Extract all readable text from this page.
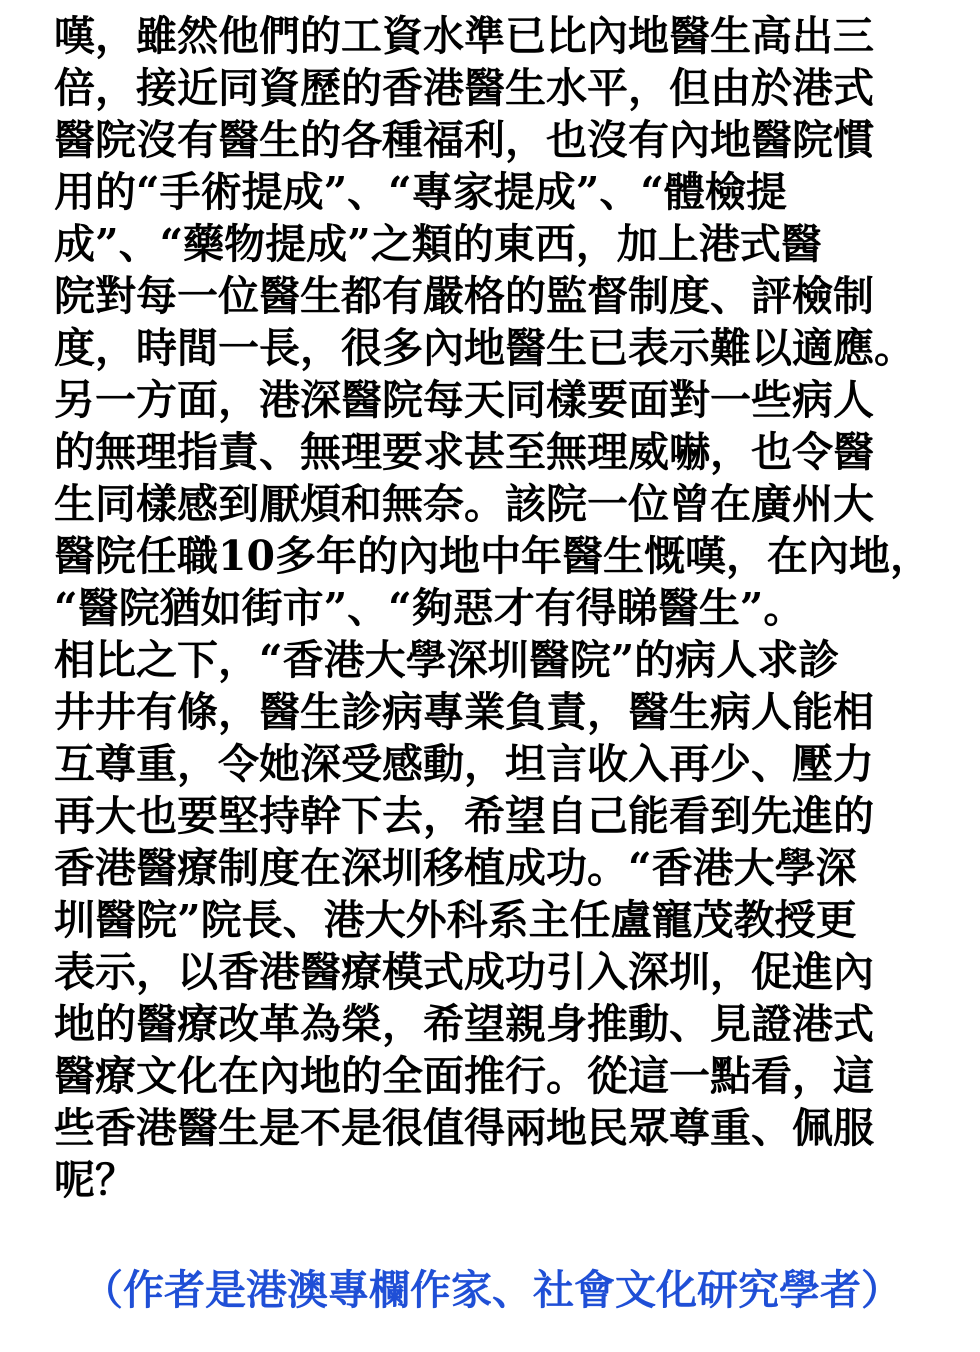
嘆，雖然他們的工資水準已比內地醫生高出三
倍，接近同資歷的香港醫生水平，但由於港式
醫院沒有醫生的各種福利，也沒有內地醫院慣
用的“手術提成”、“專家提成”、“體檢提
成”、“藥物提成”之類的東西，加上港式醫
院對每一位醫生都有嚴格的監督制度、評檢制
度，時間一長，很多內地醫生已表示難以適應。
另一方面，港深醫院每天同樣要面對一些病人
的無理指責、無理要求甚至無理威嚇，也令醫
生同樣感到厭煩和無奈。該院一位曾在廣州大
醫院任職10多年的內地中年醫生慨嘆，在內地，
“醫院猶如街市”、“夠惡才有得睇醫生”。
相比之下，“香港大學深圳醫院”的病人求診
井井有條，醫生診病專業負責，醫生病人能相
互尊重，令她深受感動，坦言收入再少、壓力
再大也要堅持幹下去，希望自己能看到先進的
香港醫療制度在深圳移植成功。“香港大學深
圳醫院”院長、港大外科系主任盧寵茂教授更
表示，以香港醫療模式成功引入深圳，促進內
地的醫療改革為榮，希望親身推動、見證港式
醫療文化在內地的全面推行。從這一點看，這
些香港醫生是不是很值得兩地民眾尊重、佩服
呢？
（作者是港澳專欄作家、社會文化研究學者）
